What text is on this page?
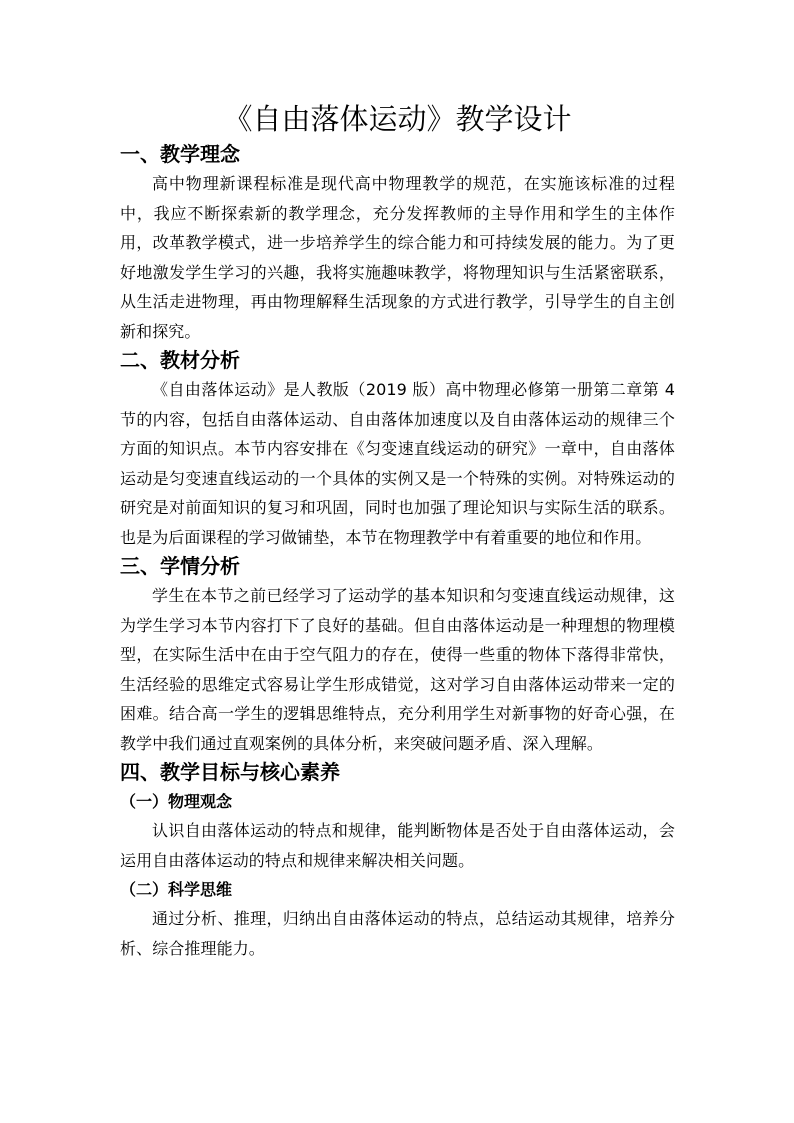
《自由落体运动》教学设计
一、教学理念

高中物理新课程标准是现代高中物理教学的规范，在实施该标准的过程中，我应不断探索新的教学理念，充分发挥教师的主导作用和学生的主体作用，改革教学模式，进一步培养学生的综合能力和可持续发展的能力。为了更好地激发学生学习的兴趣，我将实施趣味教学，将物理知识与生活紧密联系，从生活走进物理，再由物理解释生活现象的方式进行教学，引导学生的自主创新和探究。

二、教材分析

《自由落体运动》是人教版（2019 版）高中物理必修第一册第二章第 4 节的内容，包括自由落体运动、自由落体加速度以及自由落体运动的规律三个方面的知识点。本节内容安排在《匀变速直线运动的研究》一章中，自由落体运动是匀变速直线运动的一个具体的实例又是一个特殊的实例。对特殊运动的研究是对前面知识的复习和巩固，同时也加强了理论知识与实际生活的联系。也是为后面课程的学习做铺垫，本节在物理教学中有着重要的地位和作用。

三、学情分析

学生在本节之前已经学习了运动学的基本知识和匀变速直线运动规律，这为学生学习本节内容打下了良好的基础。但自由落体运动是一种理想的物理模型，在实际生活中在由于空气阻力的存在，使得一些重的物体下落得非常快，生活经验的思维定式容易让学生形成错觉，这对学习自由落体运动带来一定的困难。结合高一学生的逻辑思维特点，充分利用学生对新事物的好奇心强，在教学中我们通过直观案例的具体分析，来突破问题矛盾、深入理解。

四、教学目标与核心素养
（一）物理观念

认识自由落体运动的特点和规律，能判断物体是否处于自由落体运动，会运用自由落体运动的特点和规律来解决相关问题。

（二）科学思维

通过分析、推理，归纳出自由落体运动的特点，总结运动其规律，培养分析、综合推理能力。
